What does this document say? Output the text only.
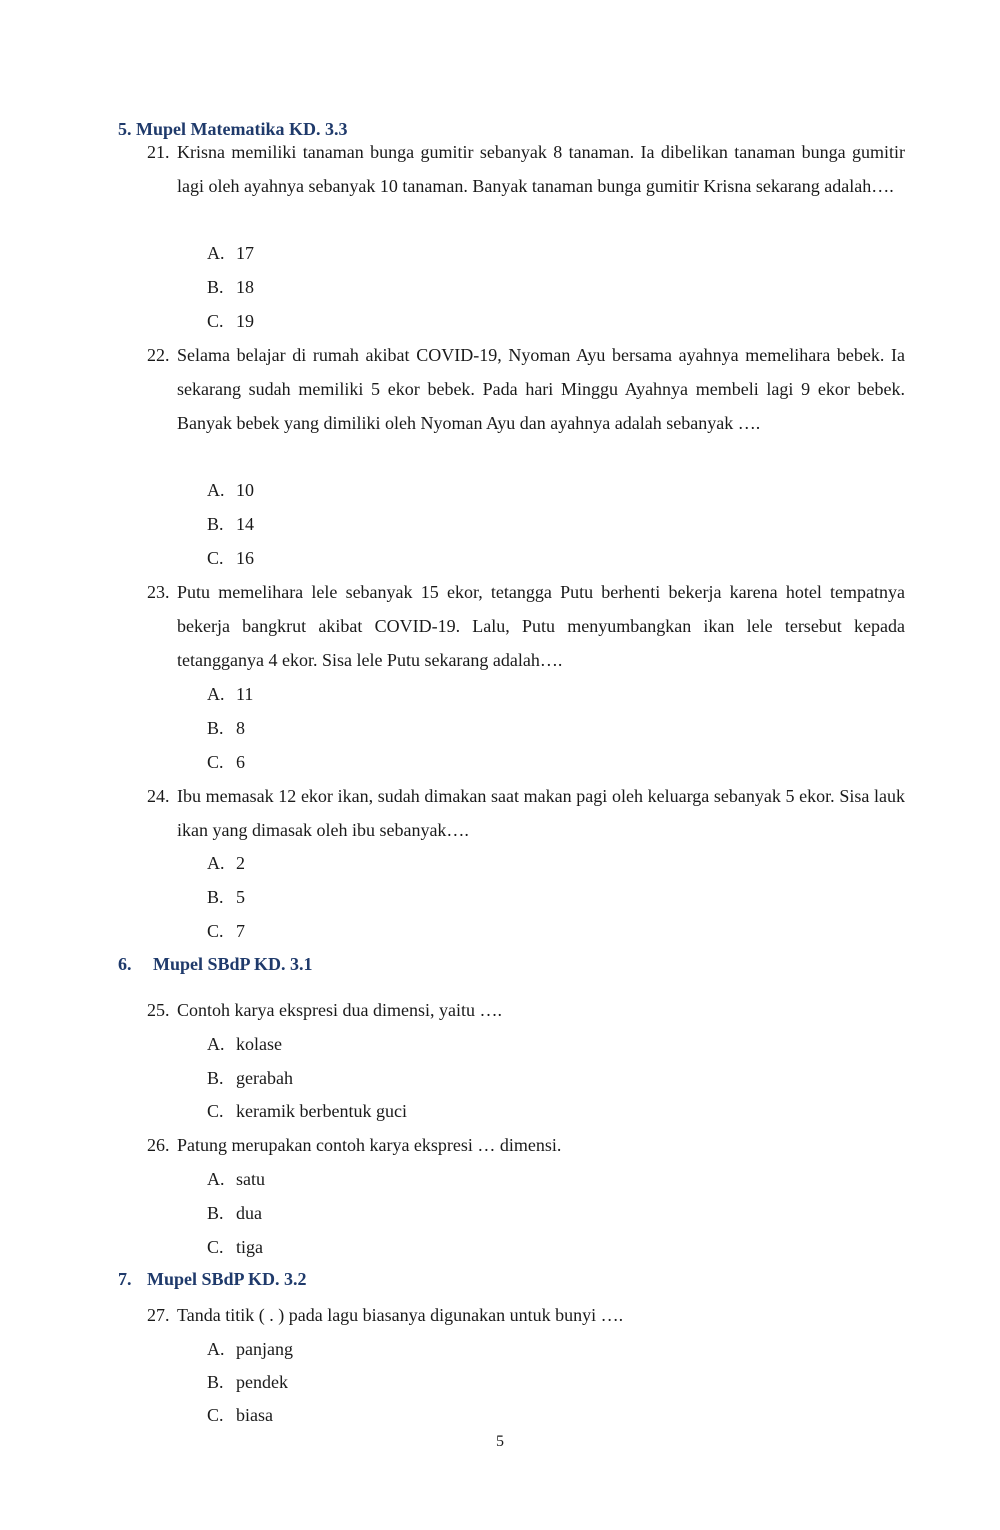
5. Mupel Matematika KD. 3.3
21. Krisna memiliki tanaman bunga gumitir sebanyak 8 tanaman. Ia dibelikan tanaman bunga gumitir lagi oleh ayahnya sebanyak 10 tanaman. Banyak tanaman bunga gumitir Krisna sekarang adalah….
A. 17
B. 18
C. 19
22. Selama belajar di rumah akibat COVID-19, Nyoman Ayu bersama ayahnya memelihara bebek. Ia sekarang sudah memiliki 5 ekor bebek. Pada hari Minggu Ayahnya membeli lagi 9 ekor bebek. Banyak bebek yang dimiliki oleh Nyoman Ayu dan ayahnya adalah sebanyak ….
A. 10
B. 14
C. 16
23. Putu memelihara lele sebanyak 15 ekor, tetangga Putu berhenti bekerja karena hotel tempatnya bekerja bangkrut akibat COVID-19. Lalu, Putu menyumbangkan ikan lele tersebut kepada tetangganya 4 ekor. Sisa lele Putu sekarang adalah….
A. 11
B. 8
C. 6
24. Ibu memasak 12 ekor ikan, sudah dimakan saat makan pagi oleh keluarga sebanyak 5 ekor. Sisa lauk ikan yang dimasak oleh ibu sebanyak….
A. 2
B. 5
C. 7
6. Mupel SBdP KD. 3.1
25. Contoh karya ekspresi dua dimensi, yaitu ….
A. kolase
B. gerabah
C. keramik berbentuk guci
26. Patung merupakan contoh karya ekspresi … dimensi.
A. satu
B. dua
C. tiga
7. Mupel SBdP KD. 3.2
27. Tanda titik ( . ) pada lagu biasanya digunakan untuk bunyi ….
A. panjang
B. pendek
C. biasa
5
